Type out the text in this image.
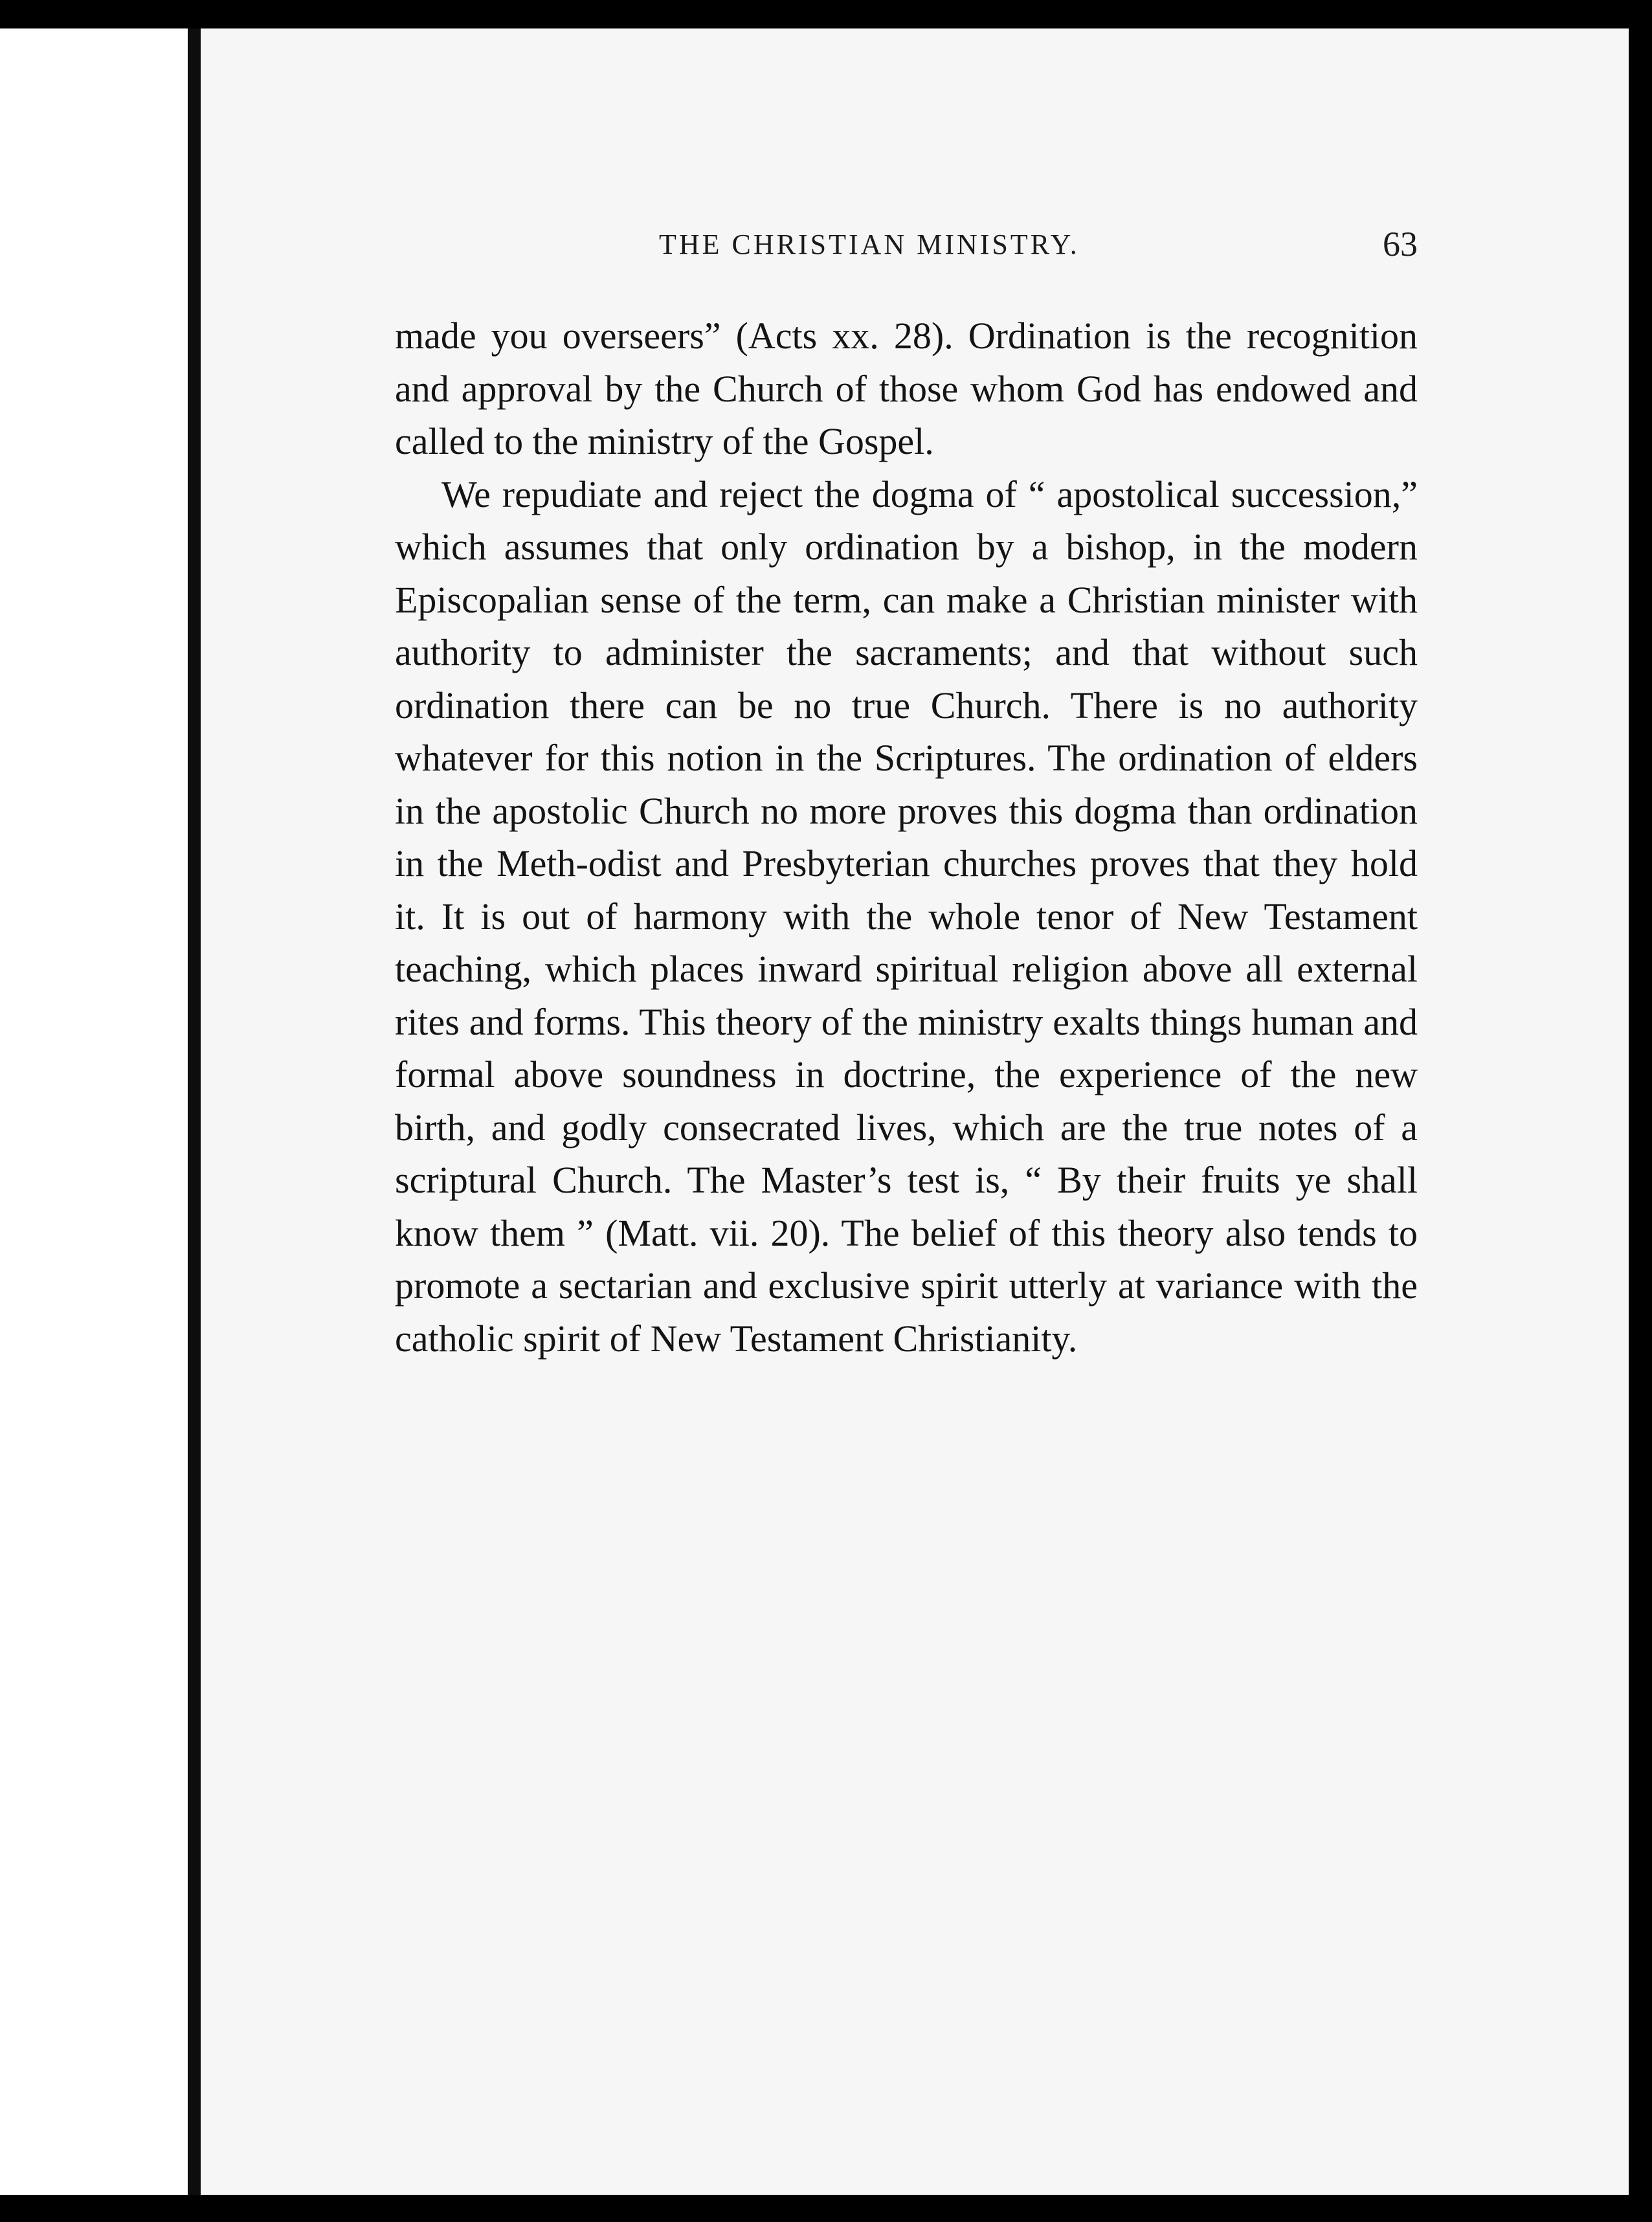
THE CHRISTIAN MINISTRY.	63

made you overseers” (Acts xx. 28). Ordination is the recognition and approval by the Church of those whom God has endowed and called to the ministry of the Gospel.

We repudiate and reject the dogma of “ apostolical succession,” which assumes that only ordination by a bishop, in the modern Episcopalian sense of the term, can make a Christian minister with authority to administer the sacraments; and that without such ordination there can be no true Church. There is no authority whatever for this notion in the Scriptures. The ordination of elders in the apostolic Church no more proves this dogma than ordination in the Meth-odist and Presbyterian churches proves that they hold it. It is out of harmony with the whole tenor of New Testament teaching, which places inward spiritual religion above all external rites and forms. This theory of the ministry exalts things human and formal above soundness in doctrine, the experience of the new birth, and godly consecrated lives, which are the true notes of a scriptural Church. The Master’s test is, “ By their fruits ye shall know them ” (Matt. vii. 20). The belief of this theory also tends to promote a sectarian and exclusive spirit utterly at variance with the catholic spirit of New Testament Christianity.
